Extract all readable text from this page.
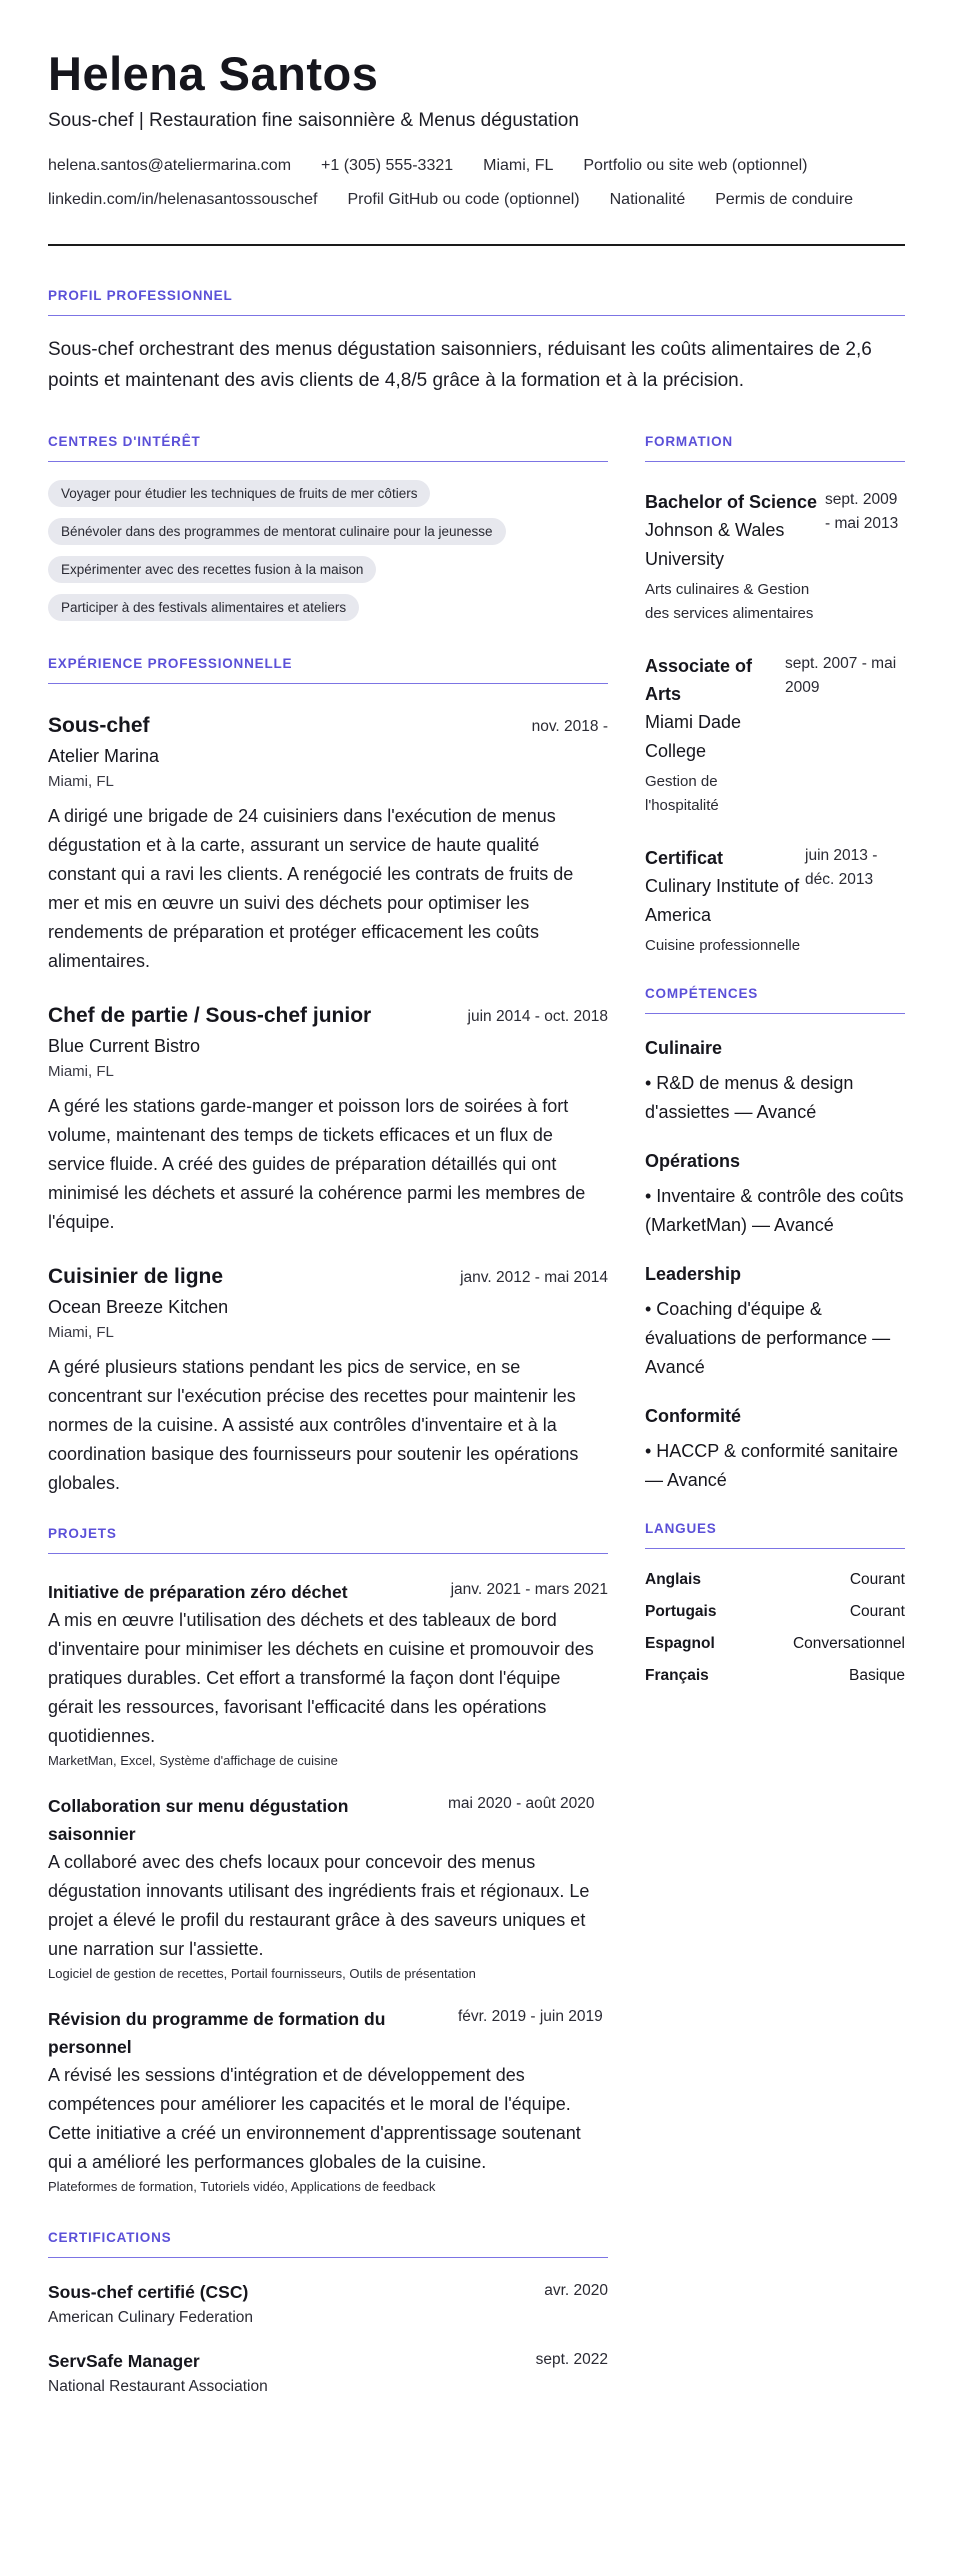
Helena Santos
Sous-chef | Restauration fine saisonnière & Menus dégustation
helena.santos@ateliermarina.com +1 (305) 555-3321 Miami, FL Portfolio ou site web (optionnel)
linkedin.com/in/helenasantossouschef Profil GitHub ou code (optionnel) Nationalité Permis de conduire
PROFIL PROFESSIONNEL

Sous-chef orchestrant des menus dégustation saisonniers, réduisant les coûts alimentaires de 2,6 points et maintenant des avis clients de 4,8/5 grâce à la formation et à la précision.

CENTRES D'INTÉRÊT
Voyager pour étudier les techniques de fruits de mer côtiers
Bénévoler dans des programmes de mentorat culinaire pour la jeunesse
Expérimenter avec des recettes fusion à la maison
Participer à des festivals alimentaires et ateliers
EXPÉRIENCE PROFESSIONNELLE
Sous-chef	nov. 2018 -
Atelier Marina
Miami, FL

A dirigé une brigade de 24 cuisiniers dans l'exécution de menus dégustation et à la carte, assurant un service de haute qualité constant qui a ravi les clients. A renégocié les contrats de fruits de mer et mis en œuvre un suivi des déchets pour optimiser les rendements de préparation et protéger efficacement les coûts alimentaires.

Chef de partie / Sous-chef junior	juin 2014 - oct. 2018
Blue Current Bistro
Miami, FL

A géré les stations garde-manger et poisson lors de soirées à fort volume, maintenant des temps de tickets efficaces et un flux de service fluide. A créé des guides de préparation détaillés qui ont minimisé les déchets et assuré la cohérence parmi les membres de l'équipe.

Cuisinier de ligne	janv. 2012 - mai 2014
Ocean Breeze Kitchen
Miami, FL

A géré plusieurs stations pendant les pics de service, en se concentrant sur l'exécution précise des recettes pour maintenir les normes de la cuisine. A assisté aux contrôles d'inventaire et à la coordination basique des fournisseurs pour soutenir les opérations globales.

PROJETS
Initiative de préparation zéro déchet	janv. 2021 - mars 2021

A mis en œuvre l'utilisation des déchets et des tableaux de bord d'inventaire pour minimiser les déchets en cuisine et promouvoir des pratiques durables. Cet effort a transformé la façon dont l'équipe gérait les ressources, favorisant l'efficacité dans les opérations quotidiennes.

MarketMan, Excel, Système d'affichage de cuisine
Collaboration sur menu dégustation saisonnier
mai 2020 - août 2020

A collaboré avec des chefs locaux pour concevoir des menus dégustation innovants utilisant des ingrédients frais et régionaux. Le projet a élevé le profil du restaurant grâce à des saveurs uniques et une narration sur l'assiette.

Logiciel de gestion de recettes, Portail fournisseurs, Outils de présentation
Révision du programme de formation du personnel
févr. 2019 - juin 2019

A révisé les sessions d'intégration et de développement des compétences pour améliorer les capacités et le moral de l'équipe. Cette initiative a créé un environnement d'apprentissage soutenant qui a amélioré les performances globales de la cuisine.

Plateformes de formation, Tutoriels vidéo, Applications de feedback
CERTIFICATIONS
Sous-chef certifié (CSC)	avr. 2020
American Culinary Federation
ServSafe Manager	sept. 2022
National Restaurant Association
FORMATION
Bachelor of Science
Johnson & Wales University
Arts culinaires & Gestion des services alimentaires
sept. 2009 - mai 2013
Associate of Arts
Miami Dade College
Gestion de l'hospitalité
sept. 2007 - mai 2009
Certificat
Culinary Institute of America
Cuisine professionnelle
juin 2013 - déc. 2013
COMPÉTENCES
Culinaire
• R&D de menus & design d'assiettes — Avancé
Opérations
• Inventaire & contrôle des coûts (MarketMan) — Avancé
Leadership
• Coaching d'équipe & évaluations de performance — Avancé
Conformité
• HACCP & conformité sanitaire — Avancé
LANGUES
Anglais	Courant
Portugais	Courant
Espagnol	Conversationnel
Français	Basique
